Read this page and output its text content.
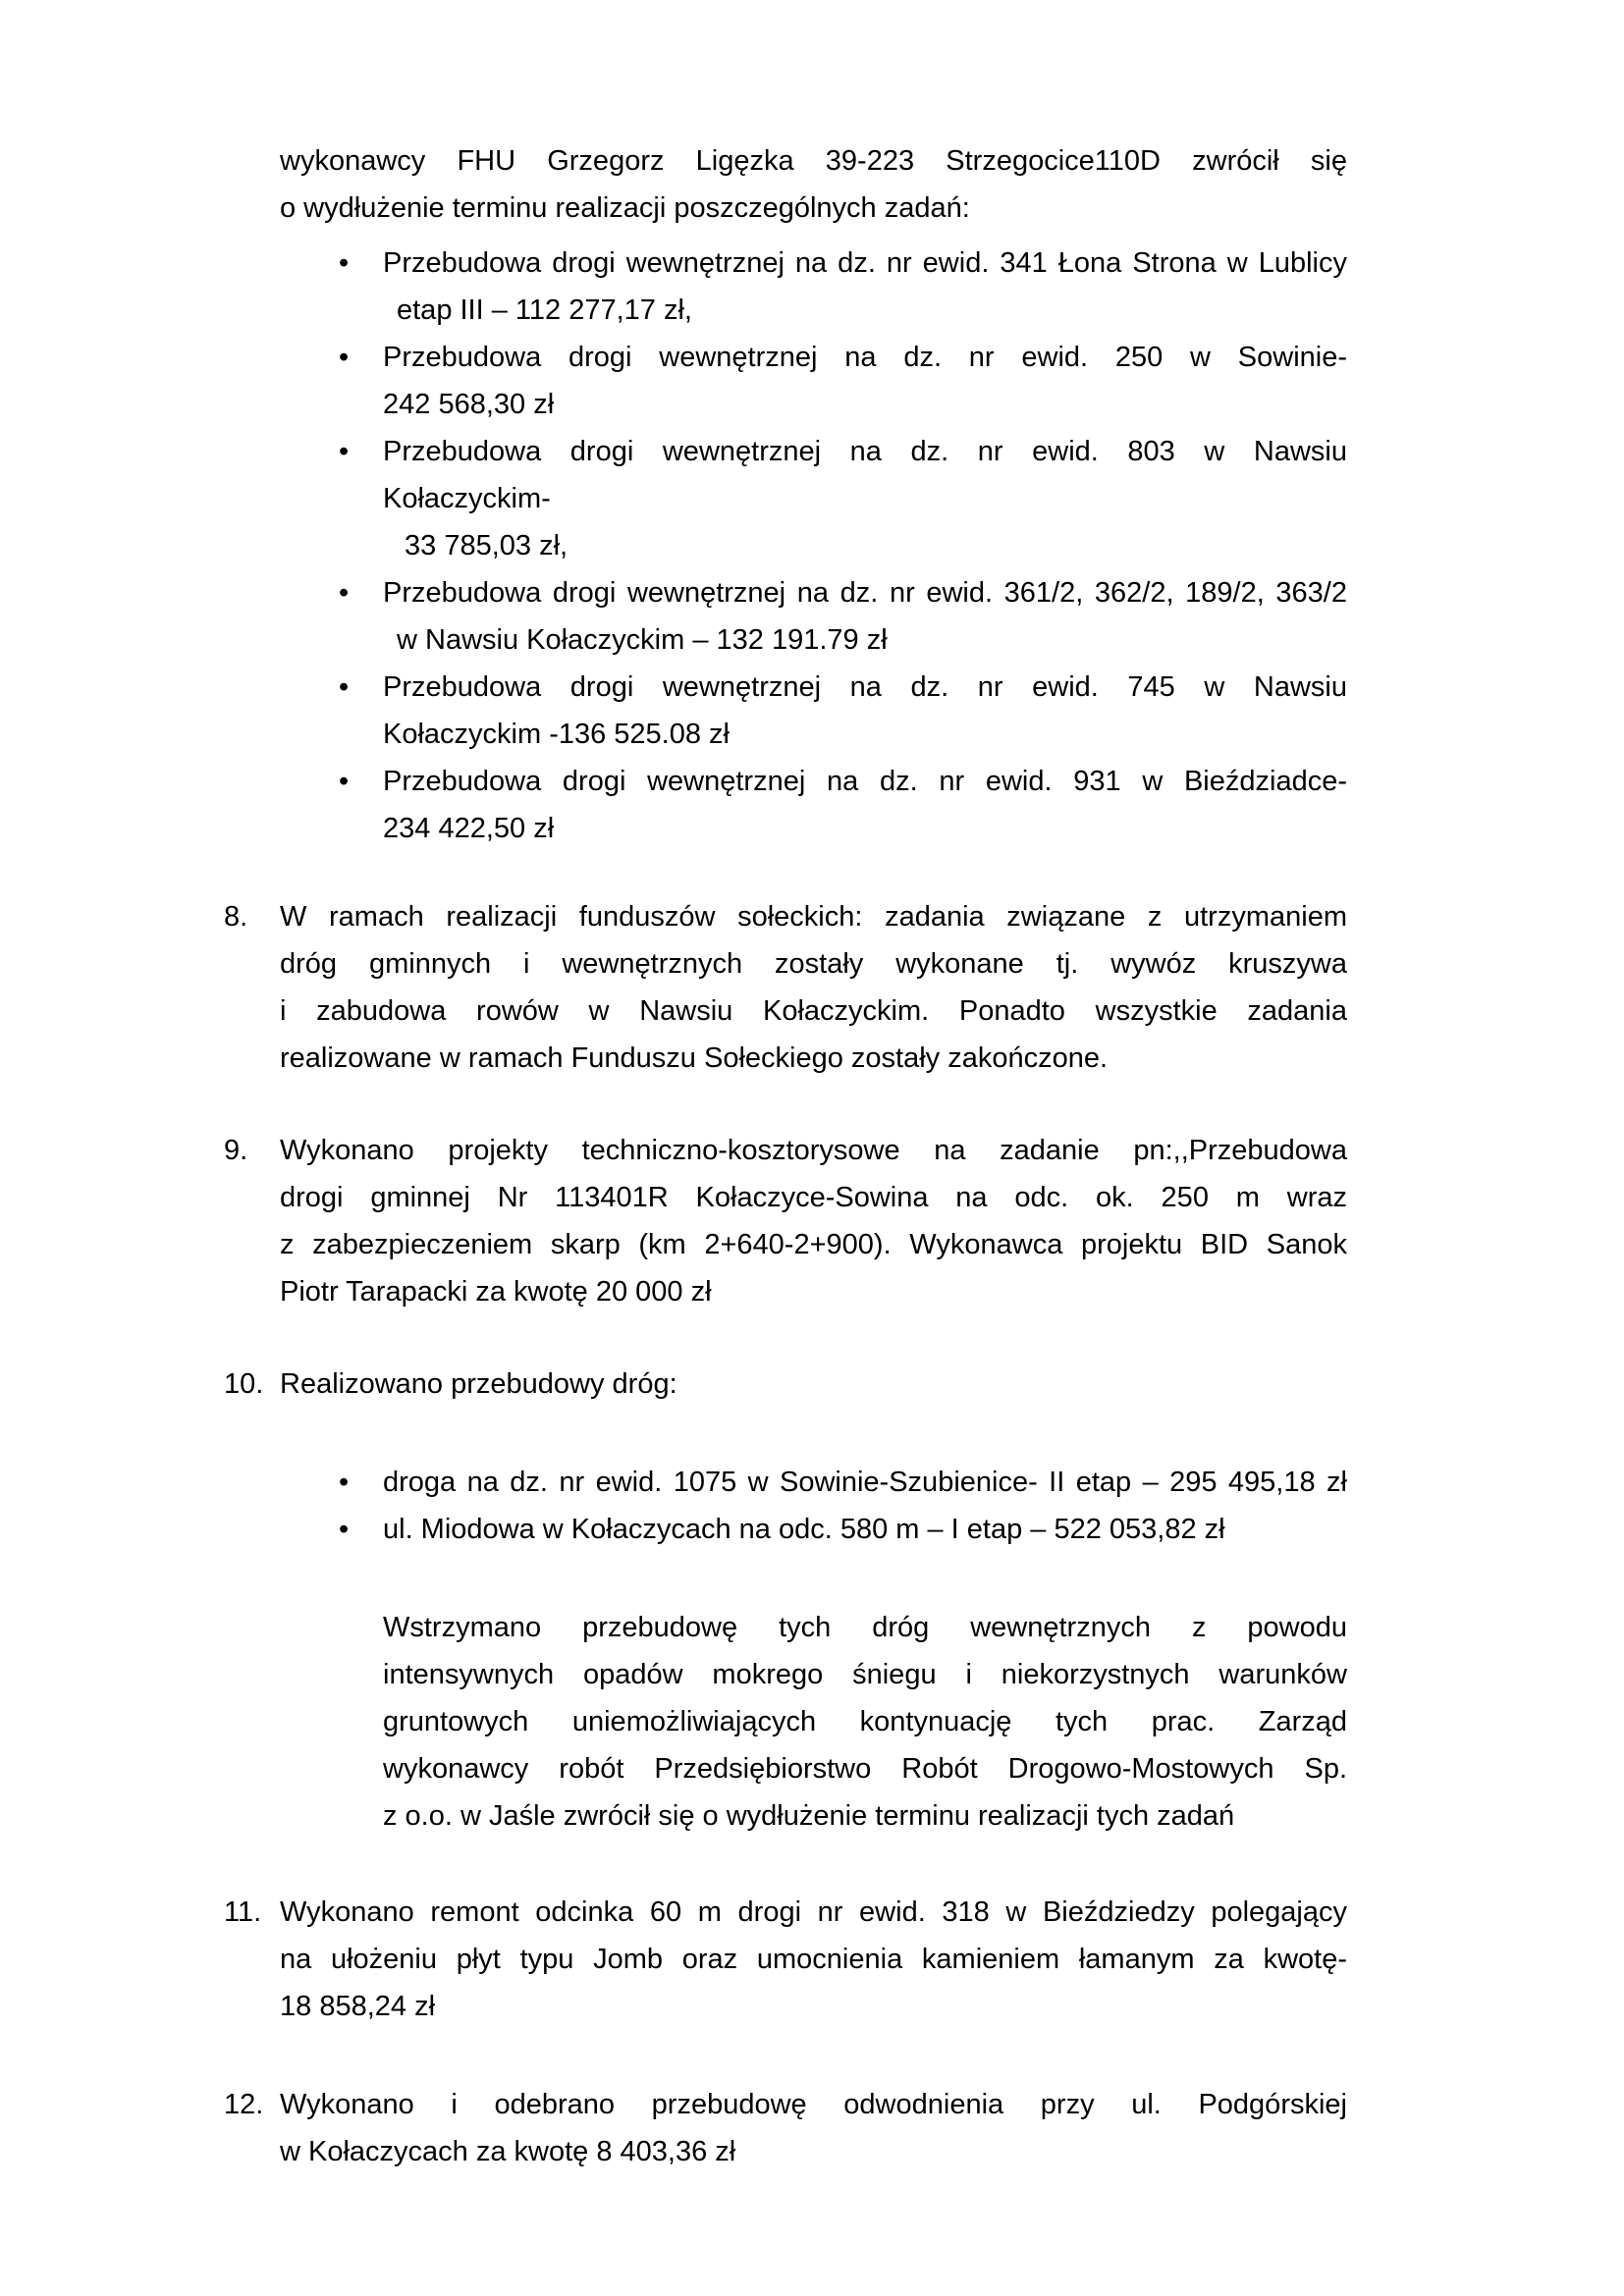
wykonawcy FHU Grzegorz Ligęzka 39-223 Strzegocice110D zwrócił się
o wydłużenie terminu realizacji poszczególnych zadań:
•	Przebudowa drogi wewnętrznej na dz. nr ewid. 341 Łona Strona w Lublicy
etap III – 112 277,17 zł,
•	Przebudowa drogi wewnętrznej na dz. nr ewid. 250 w Sowinie-
242 568,30 zł
•	Przebudowa drogi wewnętrznej na dz. nr ewid. 803 w Nawsiu
Kołaczyckim-
33 785,03 zł,
•	Przebudowa drogi wewnętrznej na dz. nr ewid. 361/2, 362/2, 189/2, 363/2
w Nawsiu Kołaczyckim – 132 191.79 zł
•	Przebudowa drogi wewnętrznej na dz. nr ewid. 745 w Nawsiu
Kołaczyckim -136 525.08 zł
•	Przebudowa drogi wewnętrznej na dz. nr ewid. 931 w Bieździadce-
234 422,50 zł
8. W ramach realizacji funduszów sołeckich: zadania związane z utrzymaniem
dróg gminnych i wewnętrznych zostały wykonane tj. wywóz kruszywa
i zabudowa rowów w Nawsiu Kołaczyckim. Ponadto wszystkie zadania
realizowane w ramach Funduszu Sołeckiego zostały zakończone.
9. Wykonano projekty techniczno-kosztorysowe na zadanie pn:,,Przebudowa
drogi gminnej Nr 113401R Kołaczyce-Sowina na odc. ok. 250 m wraz
z zabezpieczeniem skarp (km 2+640-2+900). Wykonawca projektu BID Sanok
Piotr Tarapacki za kwotę 20 000 zł
10. Realizowano przebudowy dróg:
•	droga na dz. nr ewid. 1075 w Sowinie-Szubienice- II etap – 295 495,18 zł
•	ul. Miodowa w Kołaczycach na odc. 580 m – I etap – 522 053,82 zł
Wstrzymano przebudowę tych dróg wewnętrznych z powodu
intensywnych opadów mokrego śniegu i niekorzystnych warunków
gruntowych uniemożliwiających kontynuację tych prac. Zarząd
wykonawcy robót Przedsiębiorstwo Robót Drogowo-Mostowych Sp.
z o.o. w Jaśle zwrócił się o wydłużenie terminu realizacji tych zadań
11. Wykonano remont odcinka 60 m drogi nr ewid. 318 w Bieździedzy polegający
na ułożeniu płyt typu Jomb oraz umocnienia kamieniem łamanym za kwotę-
18 858,24 zł
12. Wykonano i odebrano przebudowę odwodnienia przy ul. Podgórskiej
w Kołaczycach za kwotę 8 403,36 zł
